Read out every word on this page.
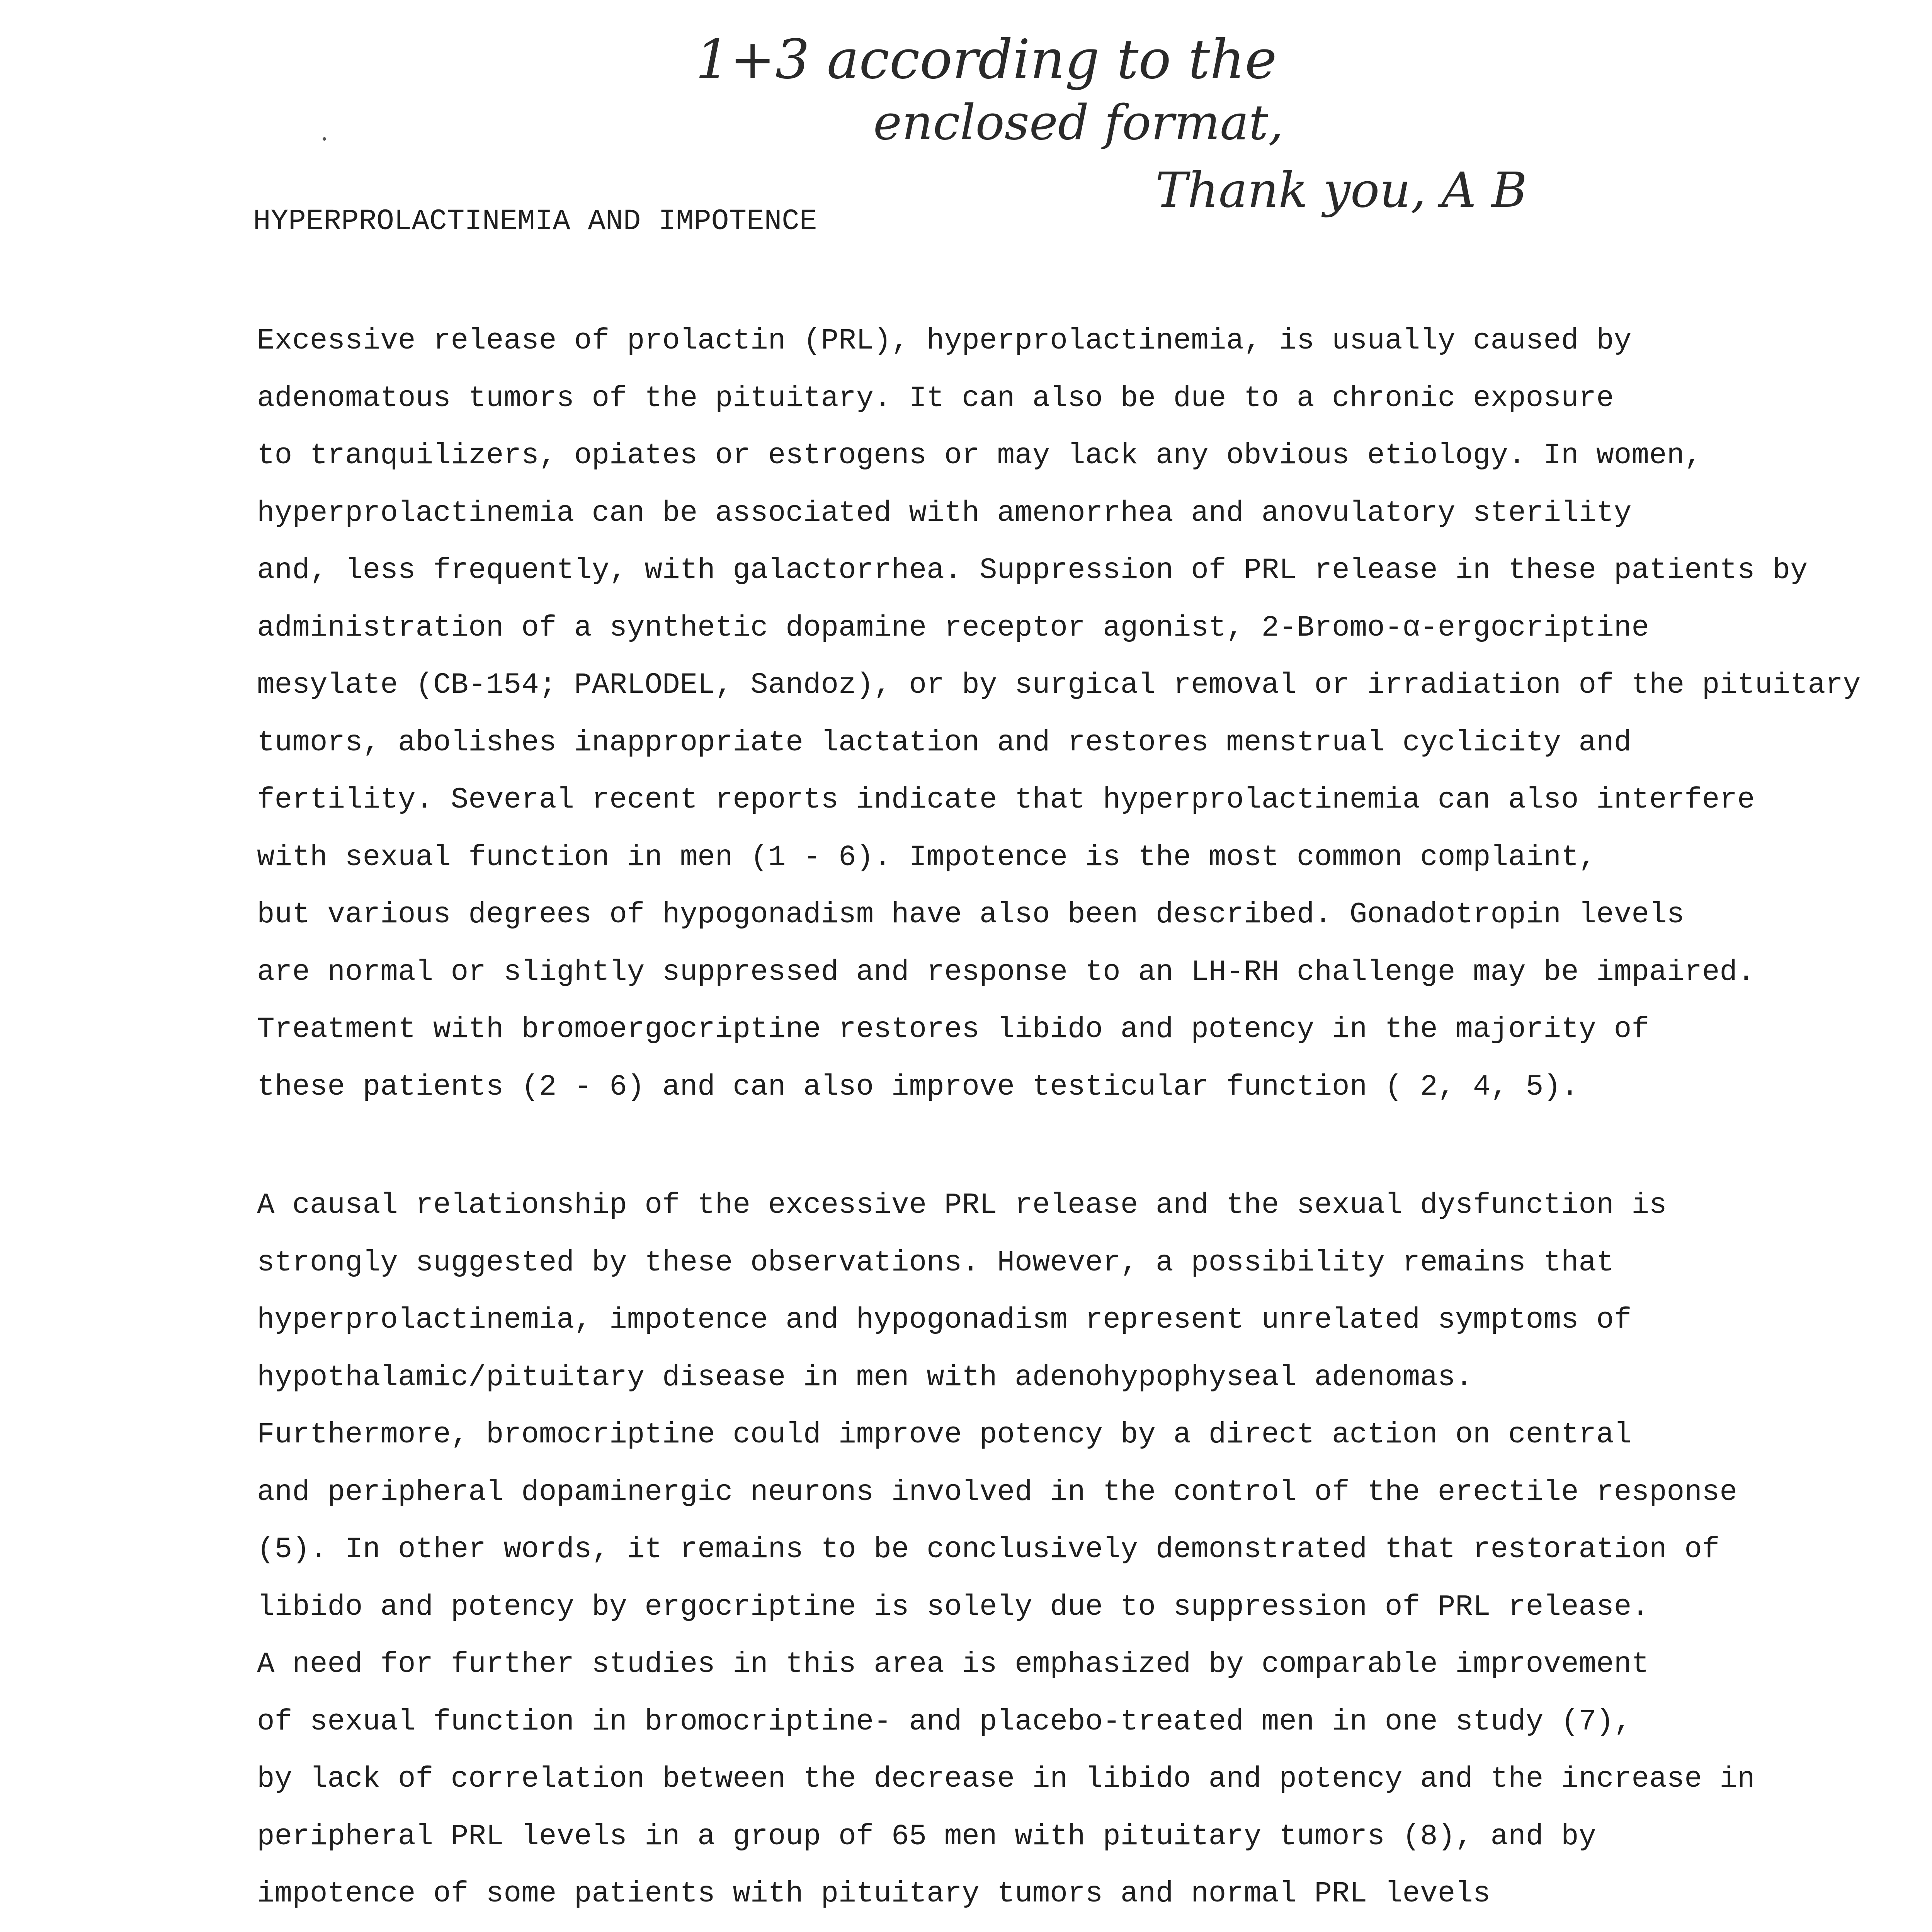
1+3 according to the
enclosed format,
Thank you, A B
HYPERPROLACTINEMIA AND IMPOTENCE
Excessive release of prolactin (PRL), hyperprolactinemia, is usually caused by
adenomatous tumors of the pituitary. It can also be due to a chronic exposure
to tranquilizers, opiates or estrogens or may lack any obvious etiology. In women,
hyperprolactinemia can be associated with amenorrhea and anovulatory sterility
and, less frequently, with galactorrhea. Suppression of PRL release in these patients by
administration of a synthetic dopamine receptor agonist, 2-Bromo-α-ergocriptine
mesylate (CB-154; PARLODEL, Sandoz), or by surgical removal or irradiation of the pituitary
tumors, abolishes inappropriate lactation and restores menstrual cyclicity and
fertility. Several recent reports indicate that hyperprolactinemia can also interfere
with sexual function in men (1 - 6). Impotence is the most common complaint,
but various degrees of hypogonadism have also been described. Gonadotropin levels
are normal or slightly suppressed and response to an LH-RH challenge may be impaired.
Treatment with bromoergocriptine restores libido and potency in the majority of
these patients (2 - 6) and can also improve testicular function ( 2, 4, 5).
A causal relationship of the excessive PRL release and the sexual dysfunction is
strongly suggested by these observations. However, a possibility remains that
hyperprolactinemia, impotence and hypogonadism represent unrelated symptoms of
hypothalamic/pituitary disease in men with adenohypophyseal adenomas.
Furthermore, bromocriptine could improve potency by a direct action on central
and peripheral dopaminergic neurons involved in the control of the erectile response
(5). In other words, it remains to be conclusively demonstrated that restoration of
libido and potency by ergocriptine is solely due to suppression of PRL release.
A need for further studies in this area is emphasized by comparable improvement
of sexual function in bromocriptine- and placebo-treated men in one study (7),
by lack of correlation between the decrease in libido and potency and the increase in
peripheral PRL levels in a group of 65 men with pituitary tumors (8), and by
impotence of some patients with pituitary tumors and normal PRL levels
